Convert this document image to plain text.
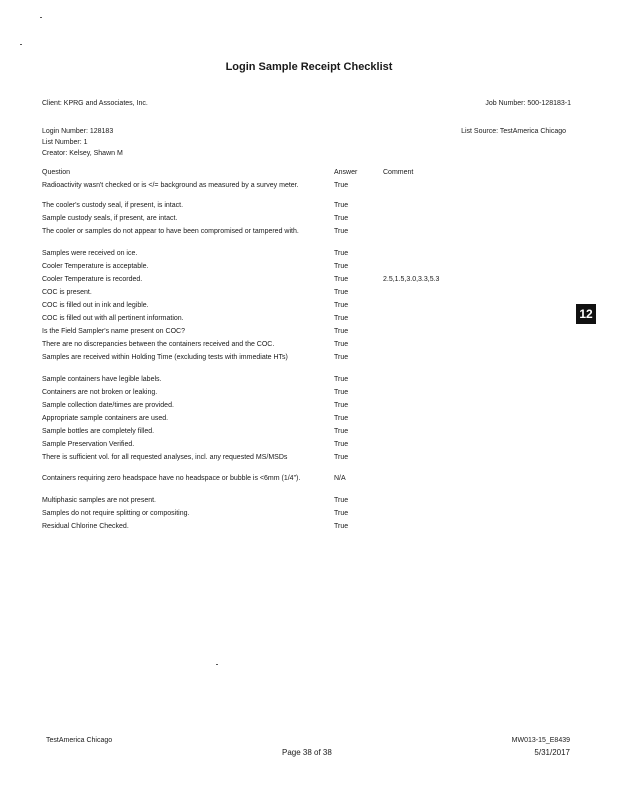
Login Sample Receipt Checklist
Client: KPRG and Associates, Inc.	Job Number: 500-128183-1
Login Number: 128183	List Source: TestAmerica Chicago
List Number: 1
Creator: Kelsey, Shawn M
Question	Answer	Comment
Radioactivity wasn't checked or is </= background as measured by a survey meter.	True
The cooler's custody seal, if present, is intact.	True
Sample custody seals, if present, are intact.	True
The cooler or samples do not appear to have been compromised or tampered with.	True
Samples were received on ice.	True
Cooler Temperature is acceptable.	True
Cooler Temperature is recorded.	True	2.5,1.5,3.0,3.3,5.3
COC is present.	True
COC is filled out in ink and legible.	True
COC is filled out with all pertinent information.	True
Is the Field Sampler's name present on COC?	True
There are no discrepancies between the containers received and the COC.	True
Samples are received within Holding Time (excluding tests with immediate HTs)	True
Sample containers have legible labels.	True
Containers are not broken or leaking.	True
Sample collection date/times are provided.	True
Appropriate sample containers are used.	True
Sample bottles are completely filled.	True
Sample Preservation Verified.	True
There is sufficient vol. for all requested analyses, incl. any requested MS/MSDs	True
Containers requiring zero headspace have no headspace or bubble is <6mm (1/4").	N/A
Multiphasic samples are not present.	True
Samples do not require splitting or compositing.	True
Residual Chlorine Checked.	True
12
TestAmerica Chicago
Page 38 of 38
MW013-15_E8439
5/31/2017
